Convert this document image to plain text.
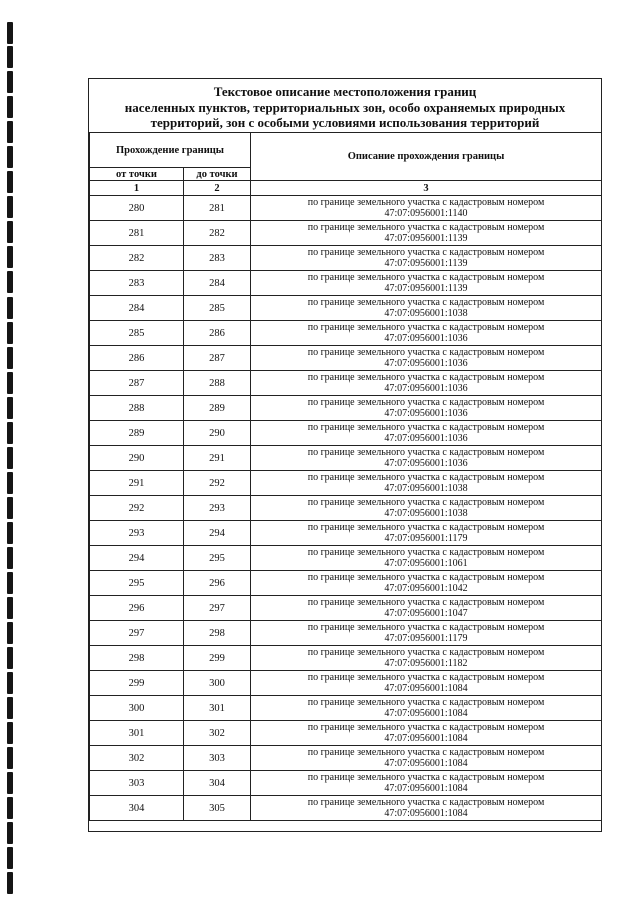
Текстовое описание местоположения границ
населенных пунктов, территориальных зон, особо охраняемых природных
территорий, зон с особыми условиями использования территорий
Прохождение границы		Описание прохождения границы
от точки	до точки	
1	2	3
280	281	по границе земельного участка с кадастровым номером
47:07:0956001:1140

281	282	по границе земельного участка с кадастровым номером
47:07:0956001:1139

282	283	по границе земельного участка с кадастровым номером
47:07:0956001:1139

283	284	по границе земельного участка с кадастровым номером
47:07:0956001:1139

284	285	по границе земельного участка с кадастровым номером
47:07:0956001:1038

285	286	по границе земельного участка с кадастровым номером
47:07:0956001:1036

286	287	по границе земельного участка с кадастровым номером
47:07:0956001:1036

287	288	по границе земельного участка с кадастровым номером
47:07:0956001:1036

288	289	по границе земельного участка с кадастровым номером
47:07:0956001:1036

289	290	по границе земельного участка с кадастровым номером
47:07:0956001:1036

290	291	по границе земельного участка с кадастровым номером
47:07:0956001:1036

291	292	по границе земельного участка с кадастровым номером
47:07:0956001:1038

292	293	по границе земельного участка с кадастровым номером
47:07:0956001:1038

293	294	по границе земельного участка с кадастровым номером
47:07:0956001:1179

294	295	по границе земельного участка с кадастровым номером
47:07:0956001:1061

295	296	по границе земельного участка с кадастровым номером
47:07:0956001:1042

296	297	по границе земельного участка с кадастровым номером
47:07:0956001:1047

297	298	по границе земельного участка с кадастровым номером
47:07:0956001:1179

298	299	по границе земельного участка с кадастровым номером
47:07:0956001:1182

299	300	по границе земельного участка с кадастровым номером
47:07:0956001:1084

300	301	по границе земельного участка с кадастровым номером
47:07:0956001:1084

301	302	по границе земельного участка с кадастровым номером
47:07:0956001:1084

302	303	по границе земельного участка с кадастровым номером
47:07:0956001:1084

303	304	по границе земельного участка с кадастровым номером
47:07:0956001:1084

304	305	по границе земельного участка с кадастровым номером
47:07:0956001:1084
